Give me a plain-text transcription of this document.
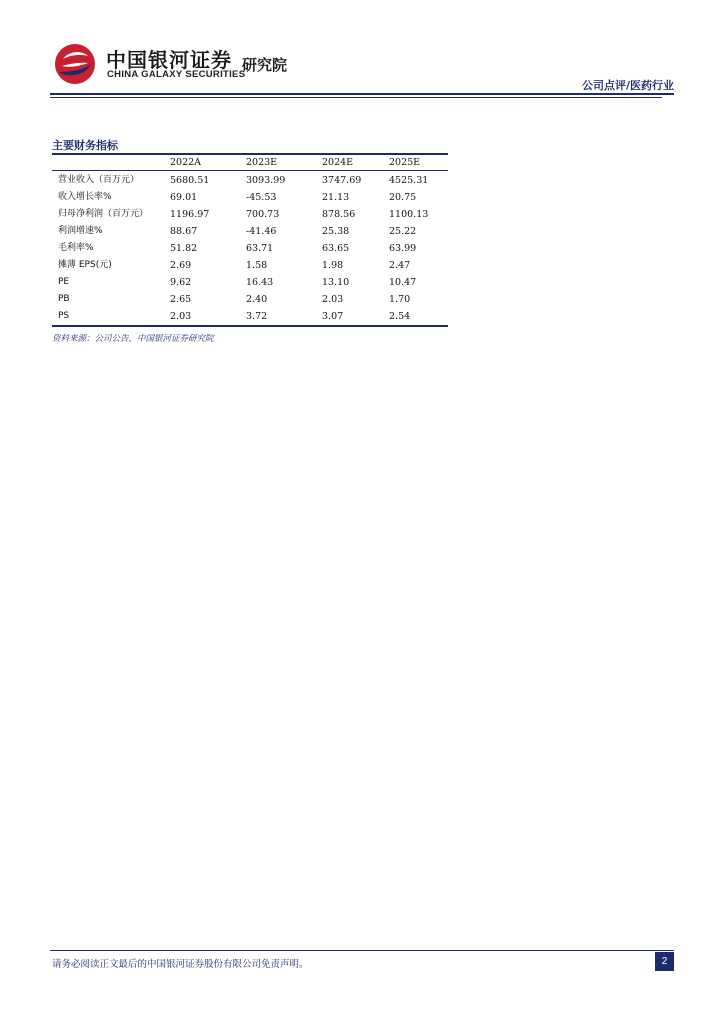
中国银河证券
CHINA GALAXY SECURITIES
研究院
公司点评/医药行业
主要财务指标
2022A	2023E	2024E	2025E
营业收入（百万元）	5680.51	3093.99	3747.69	4525.31
收入增长率%	69.01	-45.53	21.13	20.75
归母净利润（百万元） 1196.97	700.73	878.56	1100.13
利润增速%	88.67	-41.46	25.38	25.22
毛利率%	51.82	63.71	63.65	63.99
摊薄 EPS(元)	2.69	1.58	1.98	2.47
PE	9.62	16.43	13.10	10.47
PB	2.65	2.40	2.03	1.70
PS	2.03	3.72	3.07	2.54
资料来源：公司公告，中国银河证券研究院
请务必阅读正文最后的中国银河证券股份有限公司免责声明。	2
